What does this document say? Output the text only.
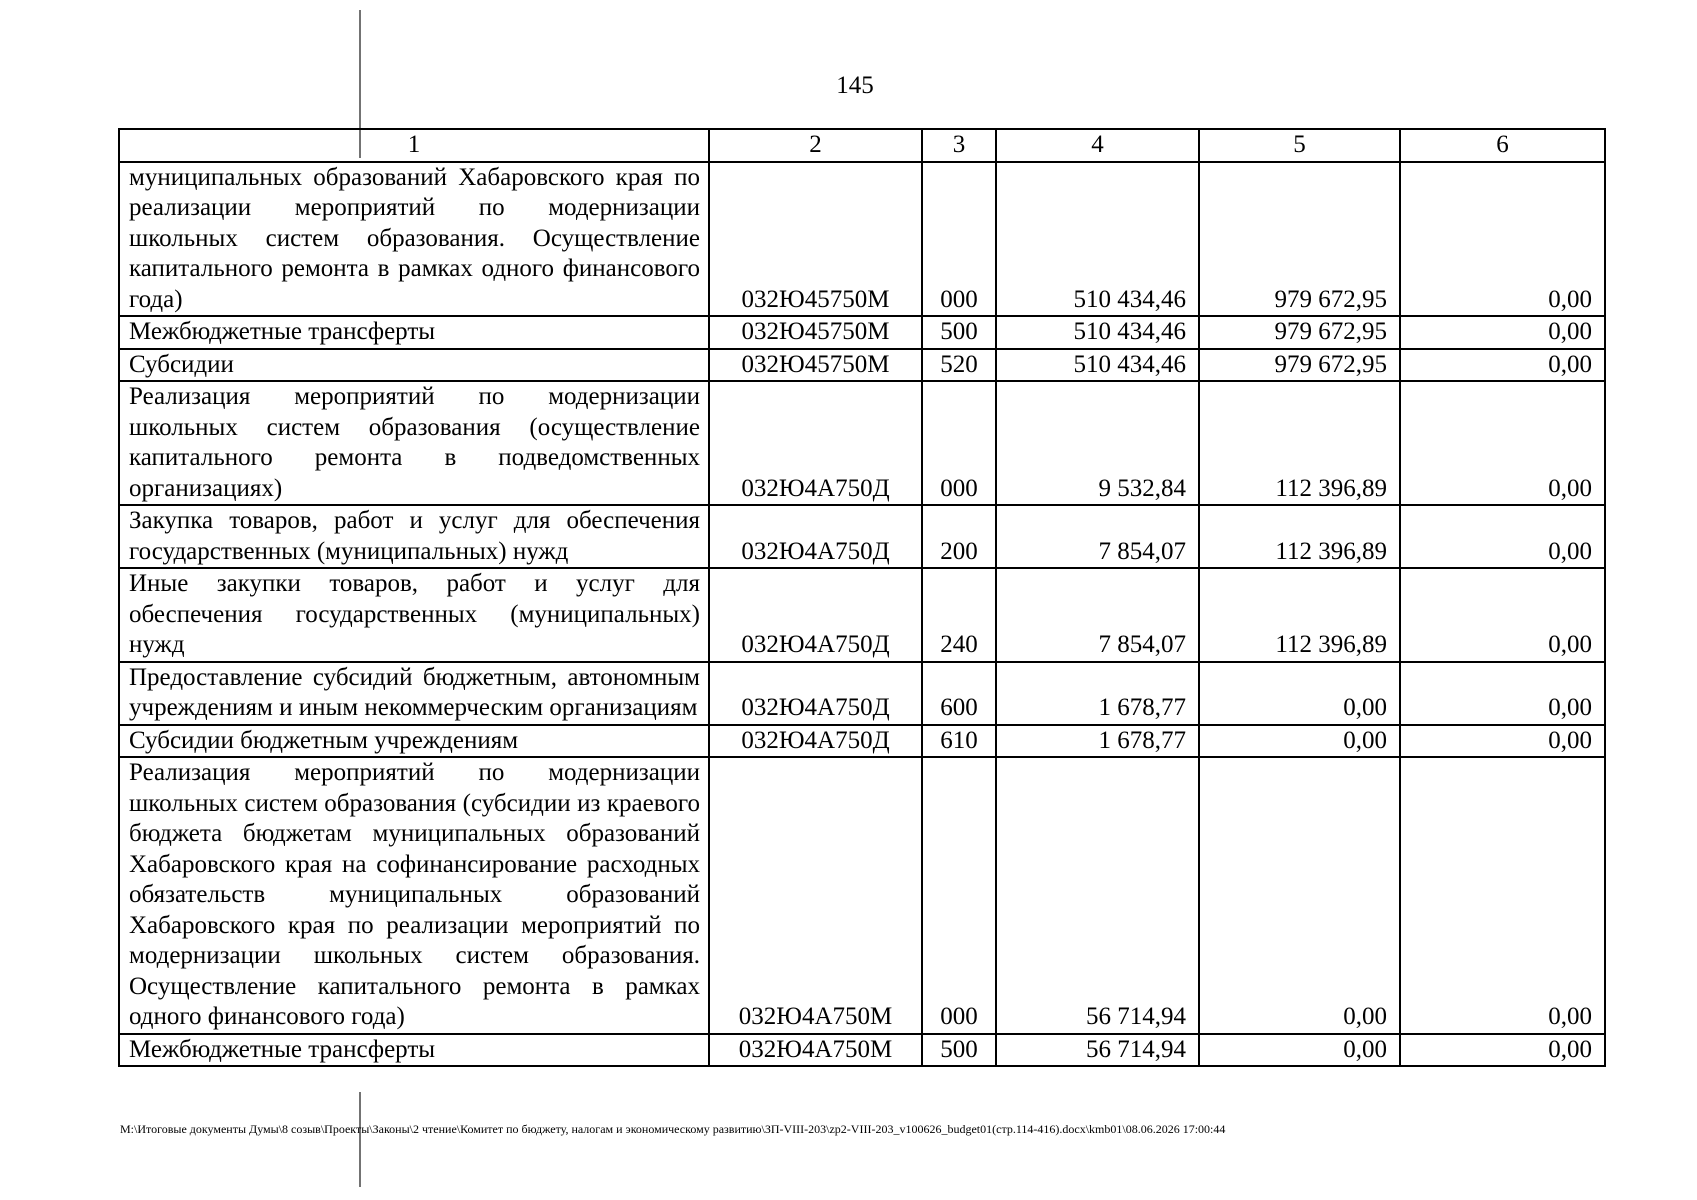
145
1	2	3	4	5	6
муниципальных образований Хабаровского края по реализации мероприятий по модернизации школьных систем образования. Осуществление капитального ремонта в рамках одного финансового года)	032Ю45750М	000	510 434,46	979 672,95	0,00
Межбюджетные трансферты	032Ю45750М	500	510 434,46	979 672,95	0,00
Субсидии	032Ю45750М	520	510 434,46	979 672,95	0,00
Реализация мероприятий по модернизации школьных систем образования (осуществление капитального ремонта в подведомственных организациях)	032Ю4А750Д	000	9 532,84	112 396,89	0,00
Закупка товаров, работ и услуг для обеспечения государственных (муниципальных) нужд	032Ю4А750Д	200	7 854,07	112 396,89	0,00
Иные закупки товаров, работ и услуг для обеспечения государственных (муниципальных) нужд	032Ю4А750Д	240	7 854,07	112 396,89	0,00
Предоставление субсидий бюджетным, автономным учреждениям и иным некоммерческим организациям	032Ю4А750Д	600	1 678,77	0,00	0,00
Субсидии бюджетным учреждениям	032Ю4А750Д	610	1 678,77	0,00	0,00
Реализация мероприятий по модернизации школьных систем образования (субсидии из краевого бюджета бюджетам муниципальных образований Хабаровского края на софинансирование расходных обязательств муниципальных образований Хабаровского края по реализации мероприятий по модернизации школьных систем образования. Осуществление капитального ремонта в рамках одного финансового года)	032Ю4А750М	000	56 714,94	0,00	0,00
Межбюджетные трансферты	032Ю4А750М	500	56 714,94	0,00	0,00
M:\Итоговые документы Думы\8 созыв\Проекты\Законы\2 чтение\Комитет по бюджету, налогам и экономическому развитию\ЗП-VIII-203\zp2-VIII-203_v100626_budget01(стр.114-416).docx\kmb01\08.06.2026 17:00:44
